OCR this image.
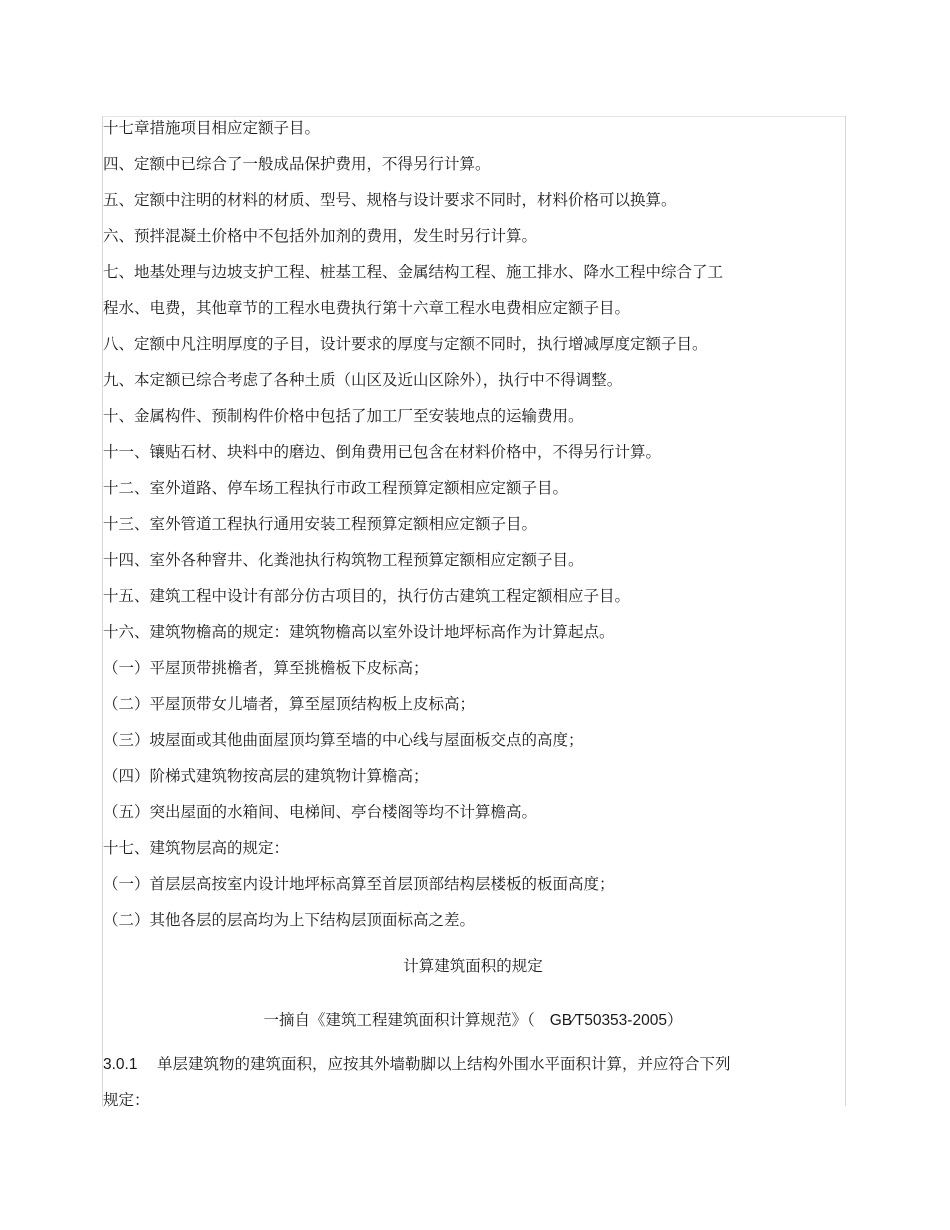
十七章措施项目相应定额子目。
四、定额中已综合了一般成品保护费用，不得另行计算。
五、定额中注明的材料的材质、型号、规格与设计要求不同时，材料价格可以换算。
六、预拌混凝土价格中不包括外加剂的费用，发生时另行计算。
七、地基处理与边坡支护工程、桩基工程、金属结构工程、施工排水、降水工程中综合了工
程水、电费，其他章节的工程水电费执行第十六章工程水电费相应定额子目。
八、定额中凡注明厚度的子目，设计要求的厚度与定额不同时，执行增减厚度定额子目。
九、本定额已综合考虑了各种土质（山区及近山区除外），执行中不得调整。
十、金属构件、预制构件价格中包括了加工厂至安装地点的运输费用。
十一、镶贴石材、块料中的磨边、倒角费用已包含在材料价格中，不得另行计算。
十二、室外道路、停车场工程执行市政工程预算定额相应定额子目。
十三、室外管道工程执行通用安装工程预算定额相应定额子目。
十四、室外各种窨井、化粪池执行构筑物工程预算定额相应定额子目。
十五、建筑工程中设计有部分仿古项目的，执行仿古建筑工程定额相应子目。
十六、建筑物檐高的规定：建筑物檐高以室外设计地坪标高作为计算起点。
（一）平屋顶带挑檐者，算至挑檐板下皮标高；
（二）平屋顶带女儿墙者，算至屋顶结构板上皮标高；
（三）坡屋面或其他曲面屋顶均算至墙的中心线与屋面板交点的高度；
（四）阶梯式建筑物按高层的建筑物计算檐高；
（五）突出屋面的水箱间、电梯间、亭台楼阁等均不计算檐高。
十七、建筑物层高的规定：
（一）首层层高按室内设计地坪标高算至首层顶部结构层楼板的板面高度；
（二）其他各层的层高均为上下结构层顶面标高之差。
计算建筑面积的规定
一摘自《建筑工程建筑面积计算规范》（ GB∕T50353-2005）
3.0.1 单层建筑物的建筑面积，应按其外墙勒脚以上结构外围水平面积计算，并应符合下列
规定：
